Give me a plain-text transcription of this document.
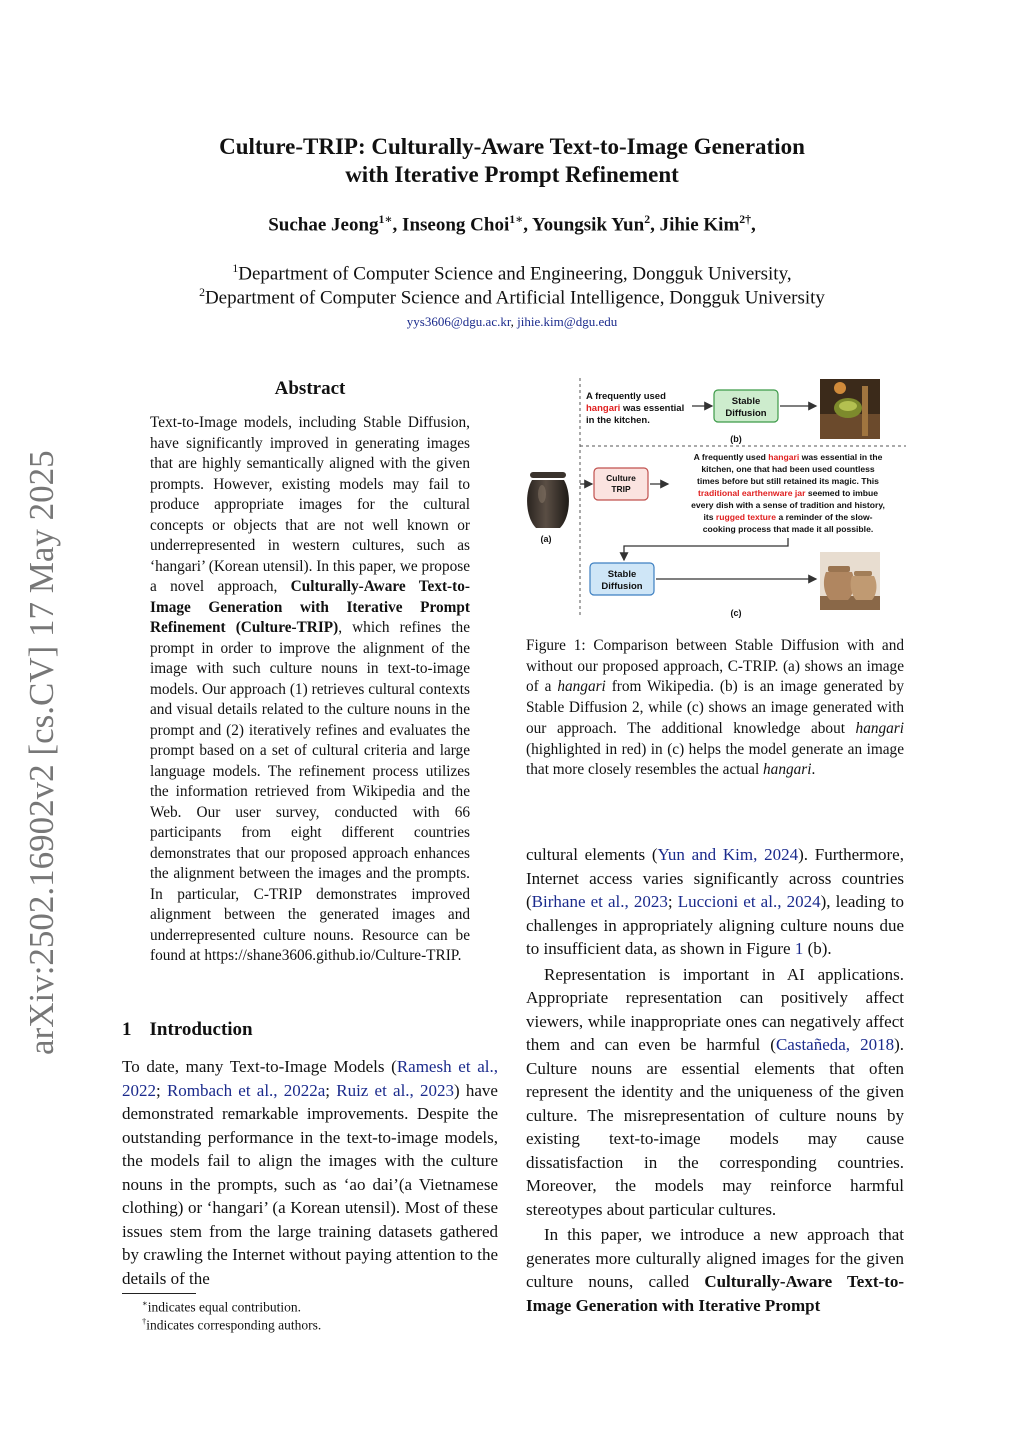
arXiv:2502.16902v2 [cs.CV] 17 May 2025
Culture-TRIP: Culturally-Aware Text-to-Image Generation
with Iterative Prompt Refinement
Suchae Jeong$^{1∗}$, Inseong Choi$^{1∗}$, Youngsik Yun$^2$, Jihie Kim$^{2\dagger}$,
$^1$Department of Computer Science and Engineering, Dongguk University,
$^2$Department of Computer Science and Artificial Intelligence, Dongguk University
yys3606@dgu.ac.kr, jihie.kim@dgu.edu
Abstract
Text-to-Image models, including Stable Diffusion, have significantly improved in generating images that are highly semantically aligned with the given prompts. However, existing models may fail to produce appropriate images for the cultural concepts or objects that are not well known or underrepresented in western cultures, such as ‘hangari’ (Korean utensil). In this paper, we propose a novel approach, Culturally-Aware Text-to-Image Generation with Iterative Prompt Refinement (Culture-TRIP), which refines the prompt in order to improve the alignment of the image with such culture nouns in text-to-image models. Our approach (1) retrieves cultural contexts and visual details related to the culture nouns in the prompt and (2) iteratively refines and evaluates the prompt based on a set of cultural criteria and large language models. The refinement process utilizes the information retrieved from Wikipedia and the Web. Our user survey, conducted with 66 participants from eight different countries demonstrates that our proposed approach enhances the alignment between the images and the prompts. In particular, C-TRIP demonstrates improved alignment between the generated images and underrepresented culture nouns. Resource can be found at https://shane3606.github.io/Culture-TRIP.
1 Introduction
To date, many Text-to-Image Models (Ramesh et al., 2022; Rombach et al., 2022a; Ruiz et al., 2023) have demonstrated remarkable improvements. Despite the outstanding performance in the text-to-image models, the models fail to align the images with the culture nouns in the prompts, such as ‘ao dai’(a Vietnamese clothing) or ‘hangari’ (a Korean utensil). Most of these issues stem from the large training datasets gathered by crawling the Internet without paying attention to the details of the
∗indicates equal contribution.
†indicates corresponding authors.
(a)
A frequently used
hangari was essential
in the kitchen.
Stable
Diffusion
(b)
Culture
TRIP
A frequently used hangari was essential in the
kitchen, one that had been used countless
times before but still retained its magic. This
traditional earthenware jar seemed to imbue
every dish with a sense of tradition and history,
its rugged texture a reminder of the slow-
cooking process that made it all possible.
Stable
Diffusion
(c)
Figure 1: Comparison between Stable Diffusion with and without our proposed approach, C-TRIP. (a) shows an image of a hangari from Wikipedia. (b) is an image generated by Stable Diffusion 2, while (c) shows an image generated with our approach. The additional knowledge about hangari (highlighted in red) in (c) helps the model generate an image that more closely resembles the actual hangari.

cultural elements (Yun and Kim, 2024). Furthermore, Internet access varies significantly across countries (Birhane et al., 2023; Luccioni et al., 2024), leading to challenges in appropriately aligning culture nouns due to insufficient data, as shown in Figure 1 (b).

Representation is important in AI applications. Appropriate representation can positively affect viewers, while inappropriate ones can negatively affect them and can even be harmful (Castañeda, 2018). Culture nouns are essential elements that often represent the identity and the uniqueness of the given culture. The misrepresentation of culture nouns by existing text-to-image models may cause dissatisfaction in the corresponding countries. Moreover, the models may reinforce harmful stereotypes about particular cultures.

In this paper, we introduce a new approach that generates more culturally aligned images for the given culture nouns, called Culturally-Aware Text-to-Image Generation with Iterative Prompt
